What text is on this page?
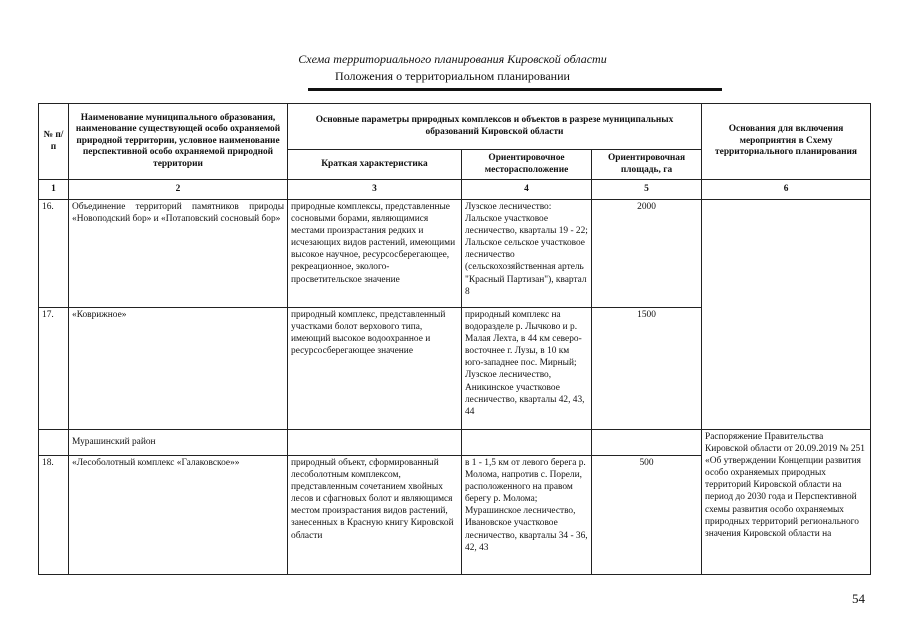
Схема территориального планирования Кировской области
Положения о территориальном планировании
№ п/п	Наименование муниципального образования, наименование существующей особо охраняемой природной территории, условное наименование перспективной особо охраняемой природной территории	Основные параметры природных комплексов и объектов в разрезе муниципальных образований Кировской области			Основания для включения мероприятия в Схему территориального планирования
		Краткая характеристика	Ориентировочное месторасположение	Ориентировочная площадь, га	
1	2	3	4	5	6
16.	Объединение территорий памятников природы «Новоподский бор» и «Потаповский сосновый бор»	природные комплексы, представленные сосновыми борами, являющимися местами произрастания редких и исчезающих видов растений, имеющими высокое научное, ресурсосберегающее, рекреационное, эколого-просветительское значение	Лузское лесничество: Лальское участковое лесничество, кварталы 19 - 22; Лальское сельское участковое лесничество (сельскохозяйственная артель "Красный Партизан"), квартал 8	2000	
17.	«Коврижное»	природный комплекс, представленный участками болот верхового типа, имеющий высокое водоохранное и ресурсосберегающее значение	природный комплекс на водоразделе р. Лычково и р. Малая Лехта, в 44 км северо-восточнее г. Лузы, в 10 км юго-западнее пос. Мирный; Лузское лесничество, Аникинское участковое лесничество, кварталы 42, 43, 44	1500	
	Мурашинский район				Распоряжение Правительства Кировской области от 20.09.2019 № 251 «Об утверждении Концепции развития особо охраняемых природных территорий Кировской области на период до 2030 года и Перспективной схемы развития особо охраняемых природных территорий регионального значения Кировской области на
18.	«Лесоболотный комплекс «Галаковское»»	природный объект, сформированный лесоболотным комплексом, представленным сочетанием хвойных лесов и сфагновых болот и являющимся местом произрастания видов растений, занесенных в Красную книгу Кировской области	в 1 - 1,5 км от левого берега р. Молома, напротив с. Порели, расположенного на правом берегу р. Молома; Мурашинское лесничество, Ивановское участковое лесничество, кварталы 34 - 36, 42, 43	500	
54
